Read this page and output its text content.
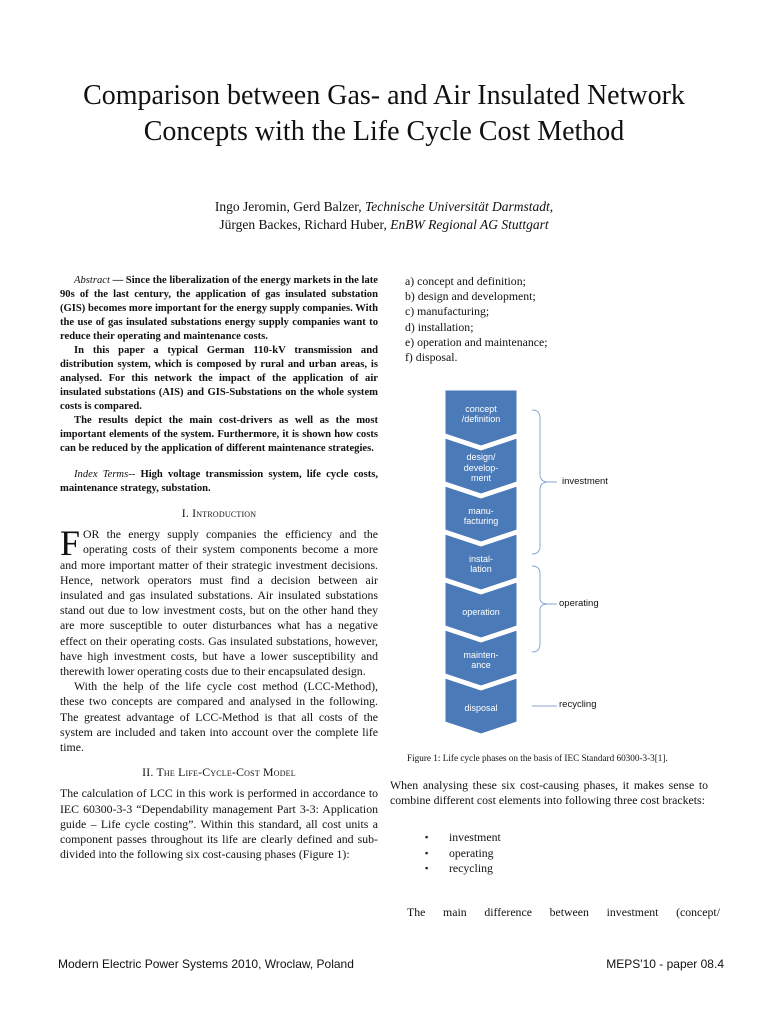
Comparison between Gas- and Air Insulated Network Concepts with the Life Cycle Cost Method
Ingo Jeromin, Gerd Balzer, Technische Universität Darmstadt,
Jürgen Backes, Richard Huber, EnBW Regional AG Stuttgart

Abstract — Since the liberalization of the energy markets in the late 90s of the last century, the application of gas insulated substation (GIS) becomes more important for the energy supply companies. With the use of gas insulated substations energy supply companies want to reduce their operating and maintenance costs.

In this paper a typical German 110-kV transmission and distribution system, which is composed by rural and urban areas, is analysed. For this network the impact of the application of air insulated substations (AIS) and GIS-Substations on the whole system costs is compared.

The results depict the main cost-drivers as well as the most important elements of the system. Furthermore, it is shown how costs can be reduced by the application of different maintenance strategies.

Index Terms-- High voltage transmission system, life cycle costs, maintenance strategy, substation.

I. Introduction

FOR the energy supply companies the efficiency and the operating costs of their system components become a more and more important matter of their strategic investment decisions. Hence, network operators must find a decision between air insulated and gas insulated substations. Air insulated substations stand out due to low investment costs, but on the other hand they are more susceptible to outer disturbances what has a negative effect on their operating costs. Gas insulated substations, however, have high investment costs, but have a lower susceptibility and therewith lower operating costs due to their encapsulated design.

With the help of the life cycle cost method (LCC-Method), these two concepts are compared and analysed in the following. The greatest advantage of LCC-Method is that all costs of the system are included and taken into account over the complete life time.

II. The Life-Cycle-Cost Model

The calculation of LCC in this work is performed in accordance to IEC 60300-3-3 “Dependability management Part 3-3: Application guide – Life cycle costing”. Within this standard, all cost units a component passes throughout its life are clearly defined and sub-divided into the following six cost-causing phases (Figure 1):

a) concept and definition;
b) design and development;
c) manufacturing;
d) installation;
e) operation and maintenance;
f) disposal.
concept
/definition
design/
develop-
ment
manu-
facturing
instal-
lation
operation
mainten-
ance
disposal
investment
operating
recycling
Figure 1: Life cycle phases on the basis of IEC Standard 60300-3-3[1].

When analysing these six cost-causing phases, it makes sense to combine different cost elements into following three cost brackets:

▪ investment
▪ operating
▪ recycling
The main difference between investment (concept/
Modern Electric Power Systems 2010, Wroclaw, Poland	MEPS'10 - paper 08.4
